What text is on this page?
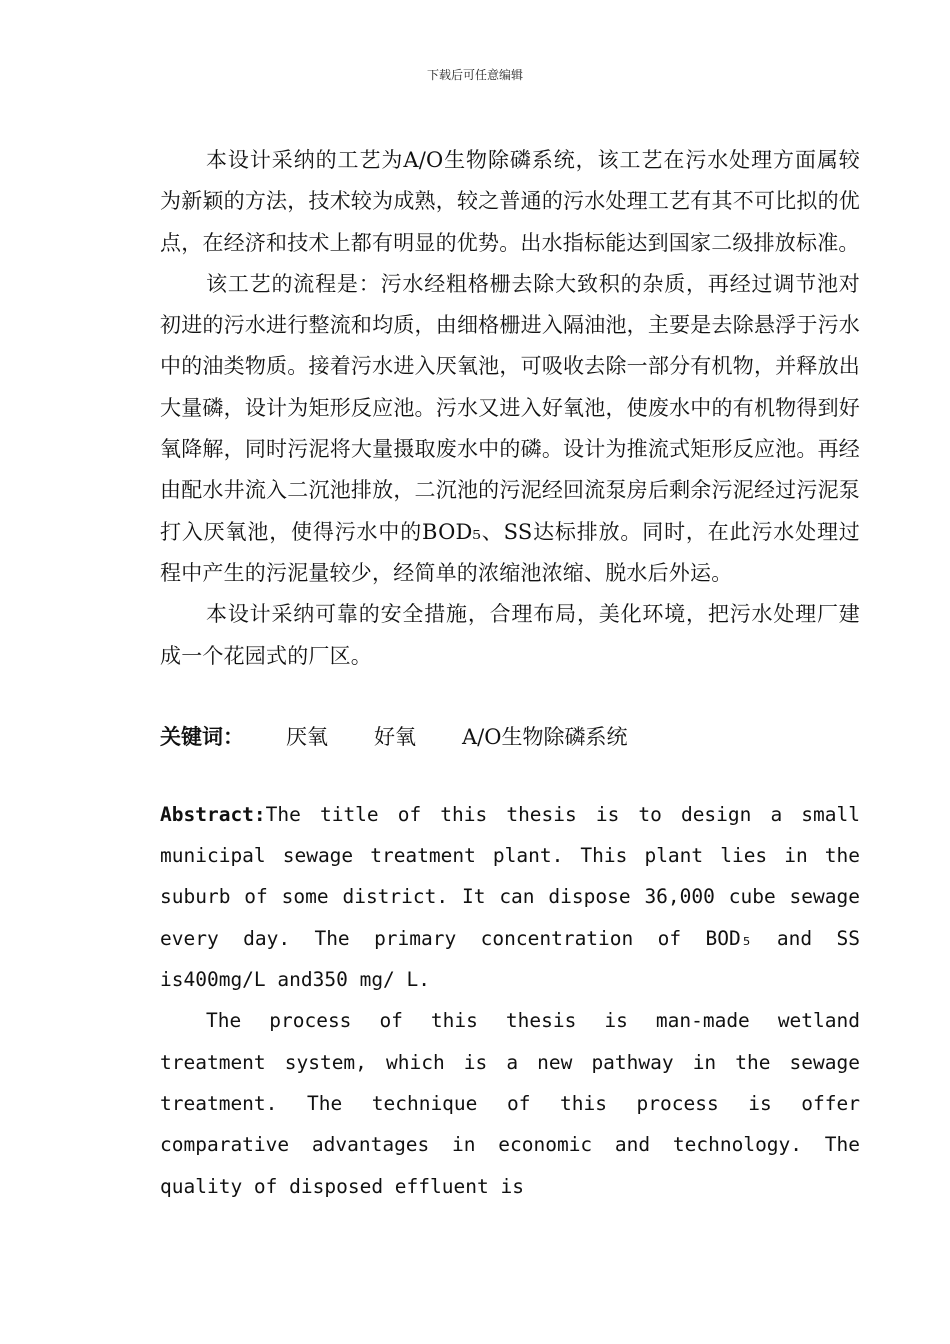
下载后可任意编辑

本设计采纳的工艺为A/O生物除磷系统，该工艺在污水处理方面属较为新颖的方法，技术较为成熟，较之普通的污水处理工艺有其不可比拟的优点，在经济和技术上都有明显的优势。出水指标能达到国家二级排放标准。

该工艺的流程是：污水经粗格栅去除大致积的杂质，再经过调节池对初进的污水进行整流和均质，由细格栅进入隔油池，主要是去除悬浮于污水中的油类物质。接着污水进入厌氧池，可吸收去除一部分有机物，并释放出大量磷，设计为矩形反应池。污水又进入好氧池，使废水中的有机物得到好氧降解，同时污泥将大量摄取废水中的磷。设计为推流式矩形反应池。再经由配水井流入二沉池排放，二沉池的污泥经回流泵房后剩余污泥经过污泥泵打入厌氧池，使得污水中的BOD₅、SS达标排放。同时，在此污水处理过程中产生的污泥量较少，经简单的浓缩池浓缩、脱水后外运。

本设计采纳可靠的安全措施，合理布局，美化环境，把污水处理厂建成一个花园式的厂区。

关键词：	厌氧 好氧 A/O生物除磷系统

Abstract:The title of this thesis is to design a small municipal sewage treatment plant. This plant lies in the suburb of some district. It can dispose 36,000 cube sewage every day. The primary concentration of BOD₅ and SS is400mg/L and350 mg/ L.

The process of this thesis is man-made wetland treatment system, which is a new pathway in the sewage treatment. The technique of this process is offer comparative advantages in economic and technology. The quality of disposed effluent is
